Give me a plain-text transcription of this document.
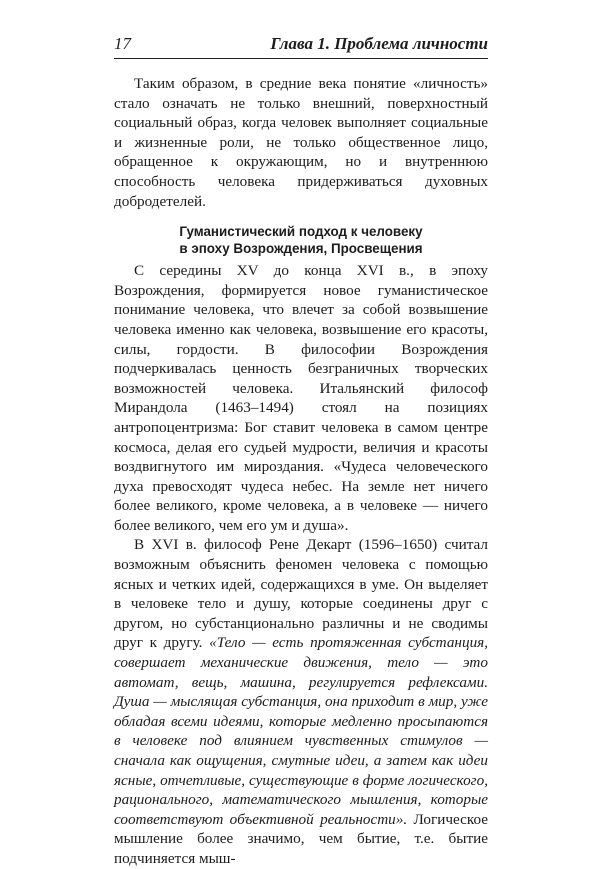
17	Глава 1. Проблема личности

Таким образом, в средние века понятие «личность» стало означать не только внешний, поверхностный социальный образ, когда человек выполняет социальные и жизненные роли, не только общественное лицо, обращенное к окружающим, но и внутреннюю способность человека придерживаться духовных добродетелей.

Гуманистический подход к человеку
в эпоху Возрождения, Просвещения

С середины XV до конца XVI в., в эпоху Возрождения, формируется новое гуманистическое понимание человека, что влечет за собой возвышение человека именно как человека, возвышение его красоты, силы, гордости. В философии Возрождения подчеркивалась ценность безграничных творческих возможностей человека. Итальянский философ Мирандола (1463–1494) стоял на позициях антропоцентризма: Бог ставит человека в самом центре космоса, делая его судьей мудрости, величия и красоты воздвигнутого им мироздания. «Чудеса человеческого духа превосходят чудеса небес. На земле нет ничего более великого, кроме человека, а в человеке — ничего более великого, чем его ум и душа».

В XVI в. философ Рене Декарт (1596–1650) считал возможным объяснить феномен человека с помощью ясных и четких идей, содержащихся в уме. Он выделяет в человеке тело и душу, которые соединены друг с другом, но субстанционально различны и не сводимы друг к другу. «Тело — есть протяженная субстанция, совершает механические движения, тело — это автомат, вещь, машина, регулируется рефлексами. Душа — мыслящая субстанция, она приходит в мир, уже обладая всеми идеями, которые медленно просыпаются в человеке под влиянием чувственных стимулов — сначала как ощущения, смутные идеи, а затем как идеи ясные, отчетливые, существующие в форме логического, рационального, математического мышления, которые соответствуют объективной реальности». Логическое мышление более значимо, чем бытие, т.е. бытие подчиняется мыш-
